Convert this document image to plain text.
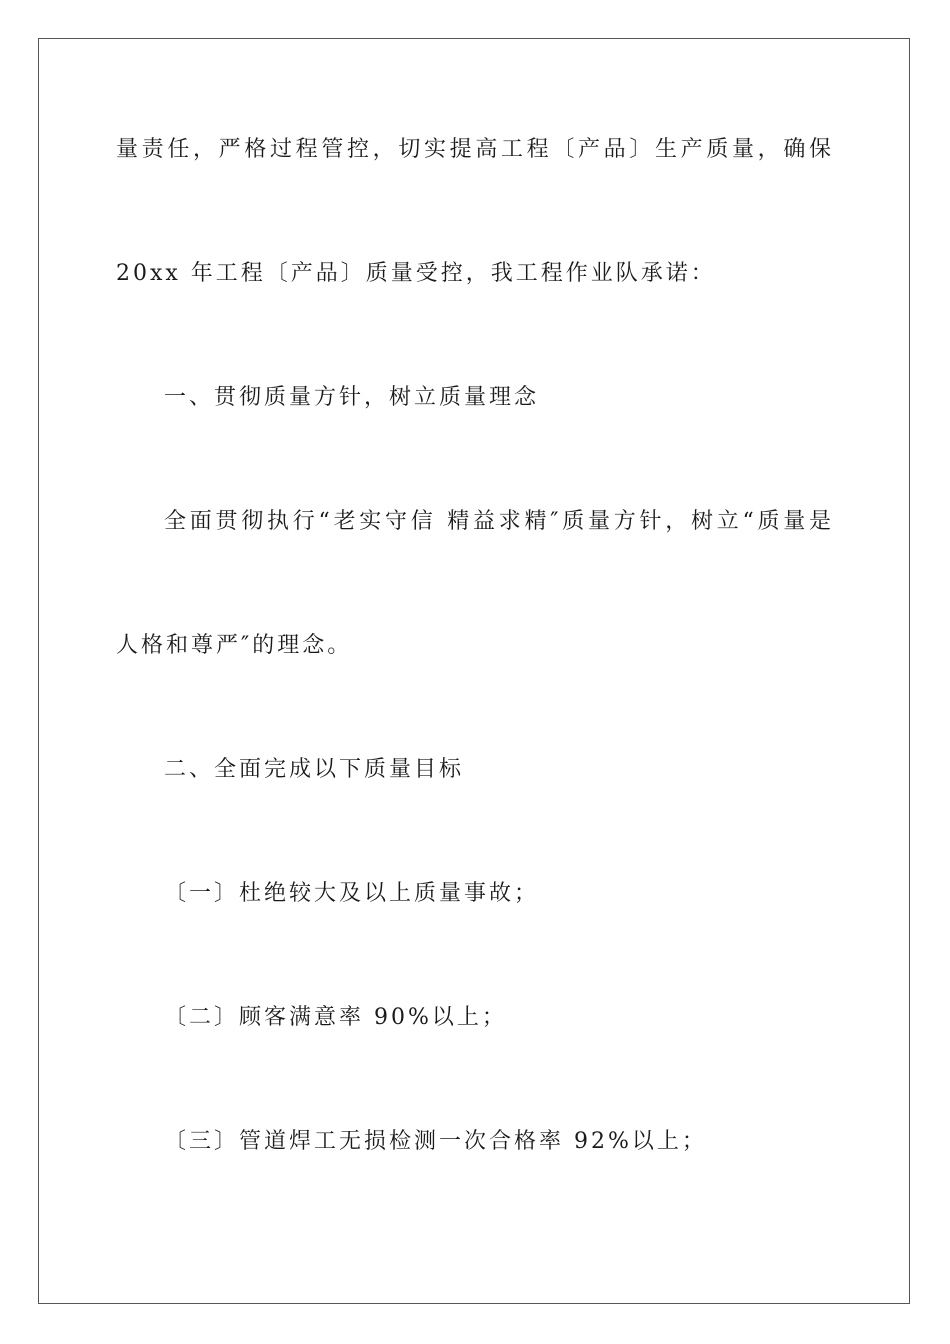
量责任，严格过程管控，切实提高工程〔产品〕生产质量，确保
20xx 年工程〔产品〕质量受控，我工程作业队承诺：
一、贯彻质量方针，树立质量理念
全面贯彻执行“老实守信 精益求精″质量方针，树立“质量是
人格和尊严″的理念。
二、全面完成以下质量目标
〔一〕杜绝较大及以上质量事故；
〔二〕顾客满意率 90%以上；
〔三〕管道焊工无损检测一次合格率 92%以上；
